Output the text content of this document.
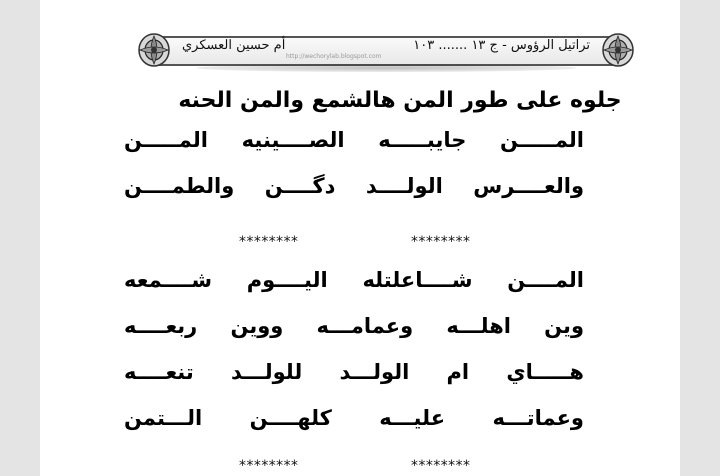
تراتيل الرؤوس - ج ١٣ ....... ١٠٣
أم حسين العسكري
http://wechorylab.blogspot.com
جلوه على طور المن هالشمع والمن الحنه
المـــــن جايبـــــه الصــــينيه المـــــن
والعــــرس الولــــد دگــــن والطمــــن
********	********
المــــن شــــاعلتله اليــــوم شــــمعه
وين اهلـــه وعمامـــه ووين ربعــــه
هـــــاي ام الولـــد للولـــد تنعــــه
وعماتـــه عليـــه كلهــــن الـــتمن
********	********
